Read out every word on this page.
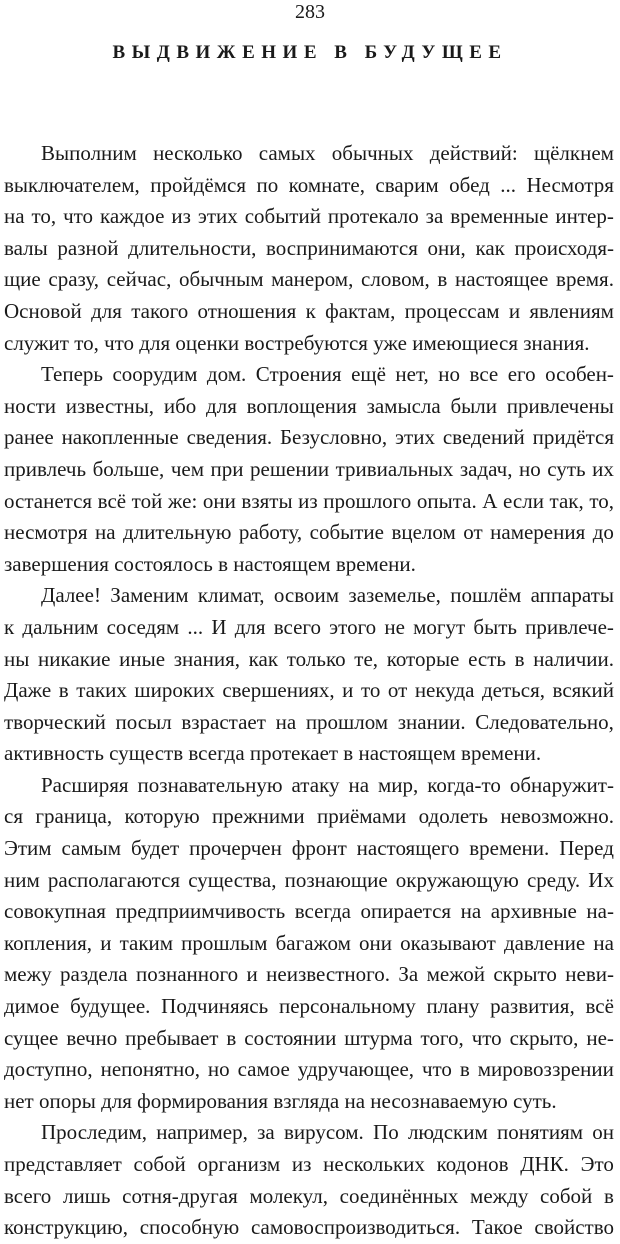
283
ВЫДВИЖЕНИЕ В БУДУЩЕЕ
Выполним несколько самых обычных действий: щёлкнем
выключателем, пройдёмся по комнате, сварим обед ... Несмотря
на то, что каждое из этих событий протекало за временные интер-
валы разной длительности, воспринимаются они, как происходя-
щие сразу, сейчас, обычным манером, словом, в настоящее время.
Основой для такого отношения к фактам, процессам и явлениям
служит то, что для оценки востребуются уже имеющиеся знания.
Теперь соорудим дом. Строения ещё нет, но все его особен-
ности известны, ибо для воплощения замысла были привлечены
ранее накопленные сведения. Безусловно, этих сведений придётся
привлечь больше, чем при решении тривиальных задач, но суть их
останется всё той же: они взяты из прошлого опыта. А если так, то,
несмотря на длительную работу, событие вцелом от намерения до
завершения состоялось в настоящем времени.
Далее! Заменим климат, освоим заземелье, пошлём аппараты
к дальним соседям ... И для всего этого не могут быть привлече-
ны никакие иные знания, как только те, которые есть в наличии.
Даже в таких широких свершениях, и то от некуда деться, всякий
творческий посыл взрастает на прошлом знании. Следовательно,
активность существ всегда протекает в настоящем времени.
Расширяя познавательную атаку на мир, когда-то обнаружит-
ся граница, которую прежними приёмами одолеть невозможно.
Этим самым будет прочерчен фронт настоящего времени. Перед
ним располагаются существа, познающие окружающую среду. Их
совокупная предприимчивость всегда опирается на архивные на-
копления, и таким прошлым багажом они оказывают давление на
межу раздела познанного и неизвестного. За межой скрыто неви-
димое будущее. Подчиняясь персональному плану развития, всё
сущее вечно пребывает в состоянии штурма того, что скрыто, не-
доступно, непонятно, но самое удручающее, что в мировоззрении
нет опоры для формирования взгляда на несознаваемую суть.
Проследим, например, за вирусом. По людским понятиям он
представляет собой организм из нескольких кодонов ДНК. Это
всего лишь сотня-другая молекул, соединённых между собой в
конструкцию, способную самовоспроизводиться. Такое свойство
